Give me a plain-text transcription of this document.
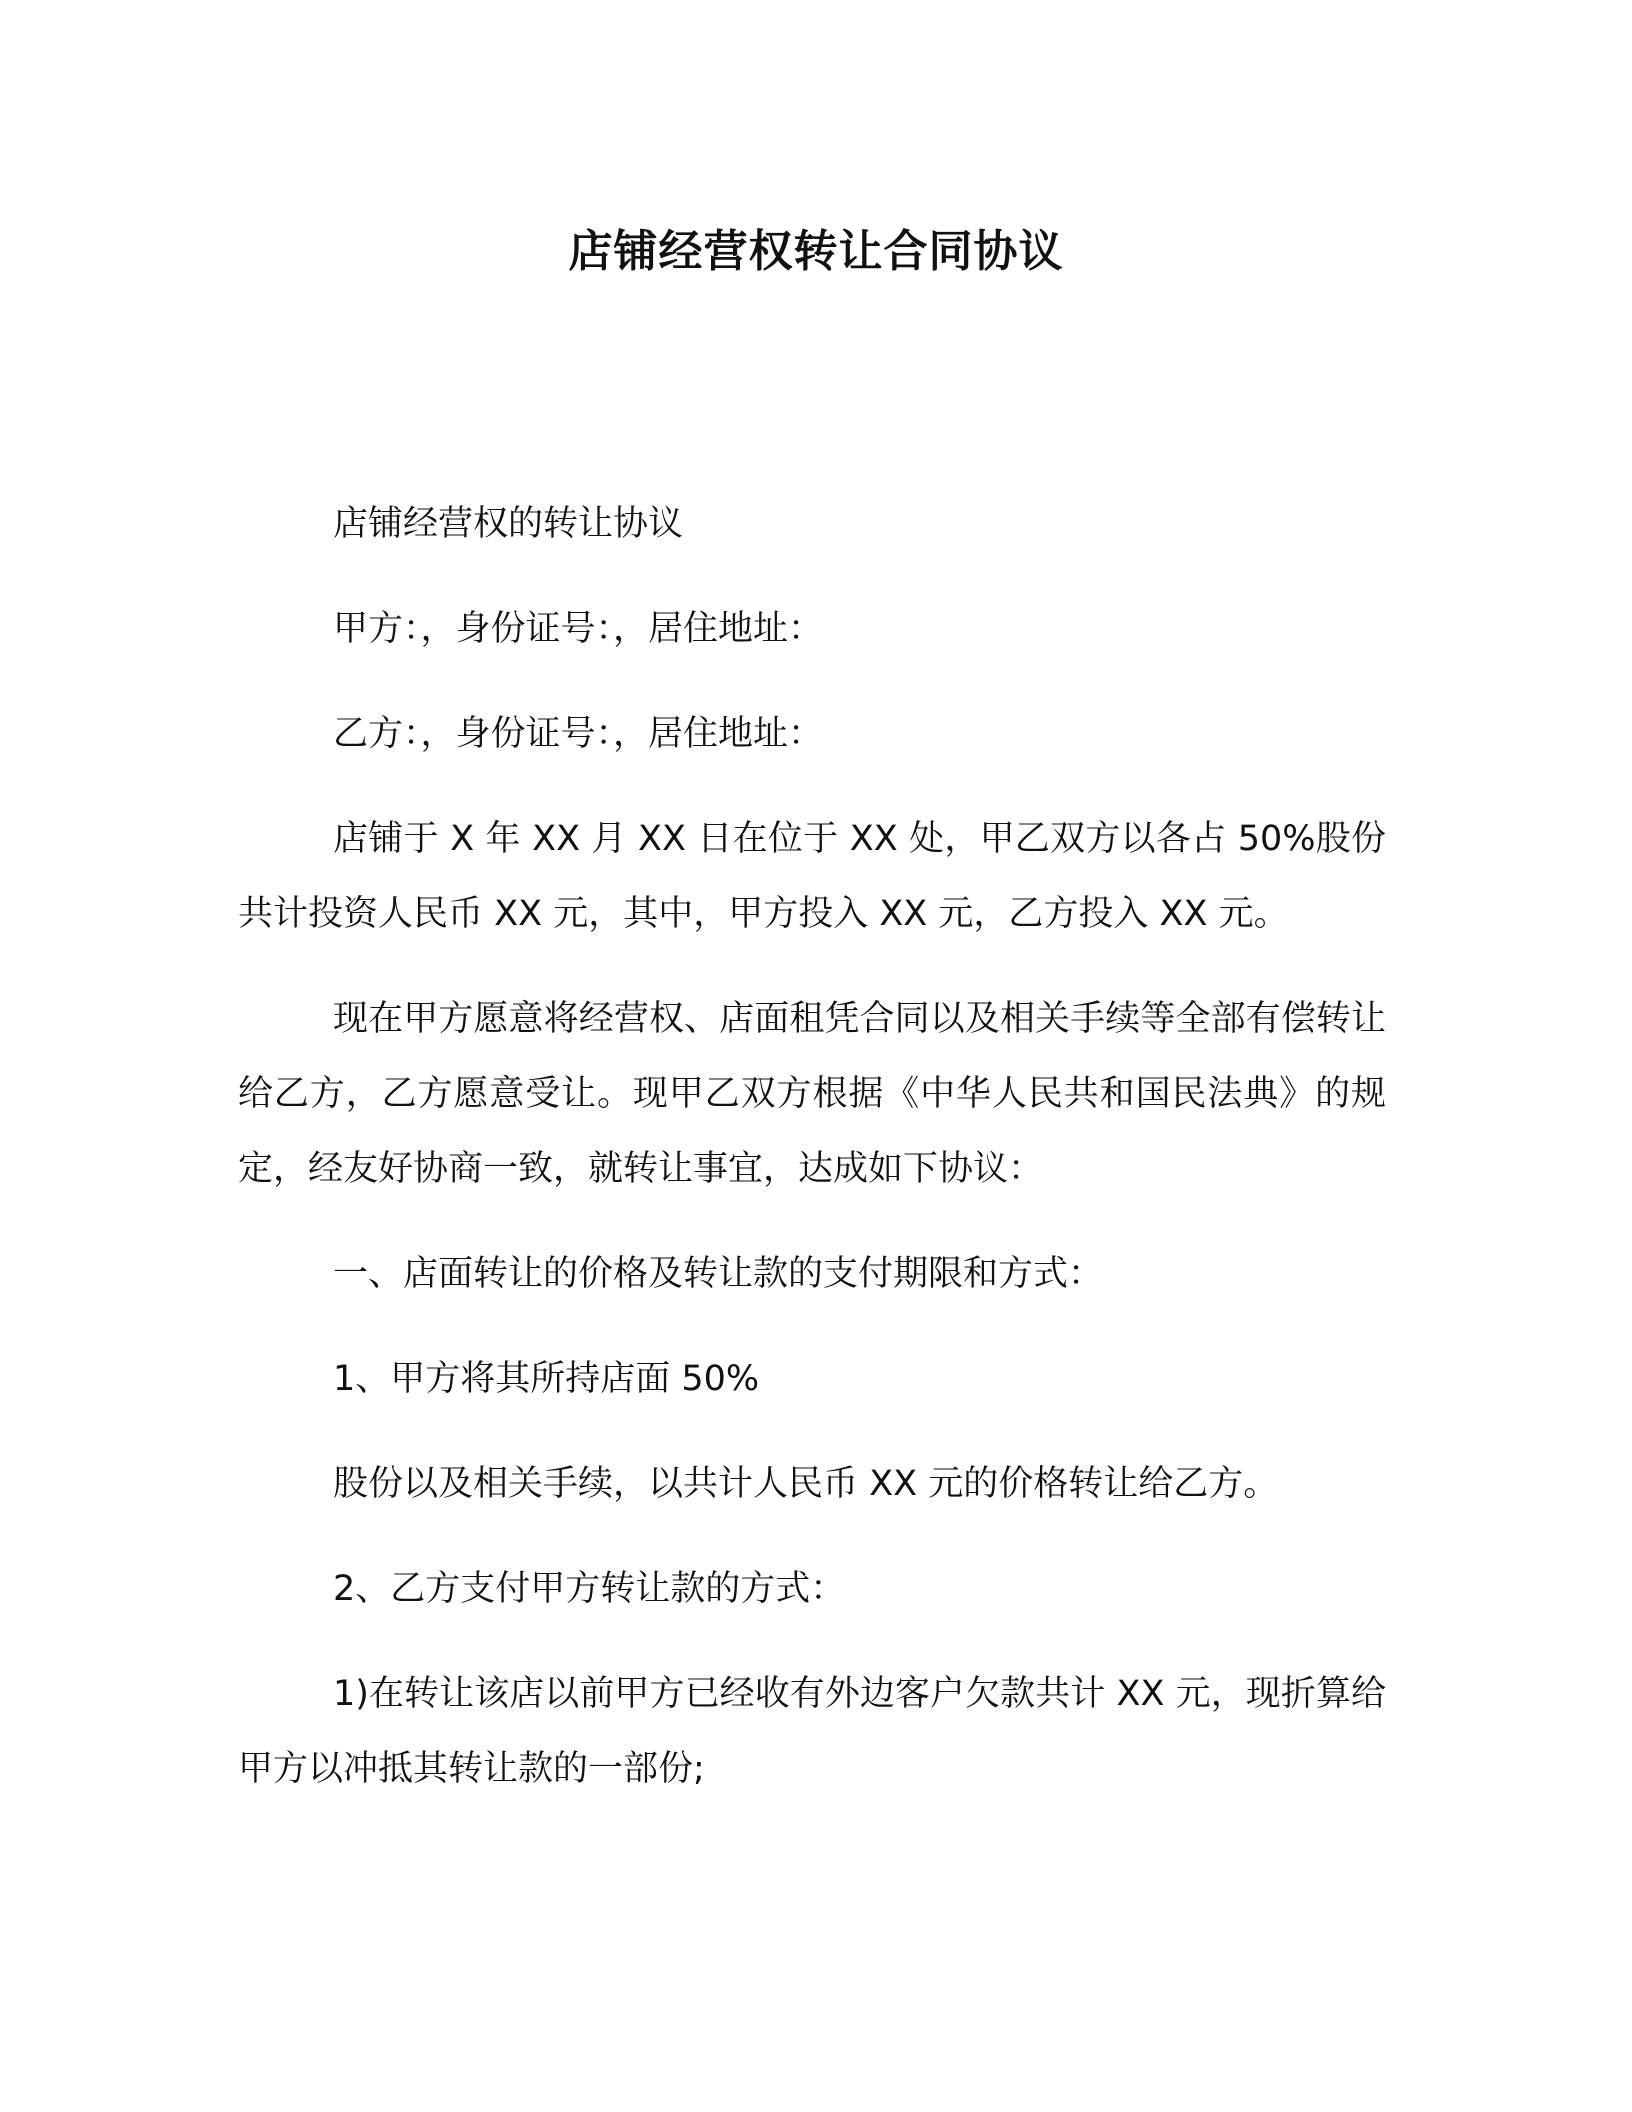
店铺经营权转让合同协议

店铺经营权的转让协议

甲方：，身份证号：，居住地址：

乙方：，身份证号：，居住地址：

店铺于 X 年 XX 月 XX 日在位于 XX 处，甲乙双方以各占 50%股份共计投资人民币 XX 元，其中，甲方投入 XX 元，乙方投入 XX 元。

现在甲方愿意将经营权、店面租凭合同以及相关手续等全部有偿转让给乙方，乙方愿意受让。现甲乙双方根据《中华人民共和国民法典》的规定，经友好协商一致，就转让事宜，达成如下协议：

一、店面转让的价格及转让款的支付期限和方式：

1、甲方将其所持店面 50%

股份以及相关手续，以共计人民币 XX 元的价格转让给乙方。

2、乙方支付甲方转让款的方式：

1)在转让该店以前甲方已经收有外边客户欠款共计 XX 元，现折算给甲方以冲抵其转让款的一部份;
